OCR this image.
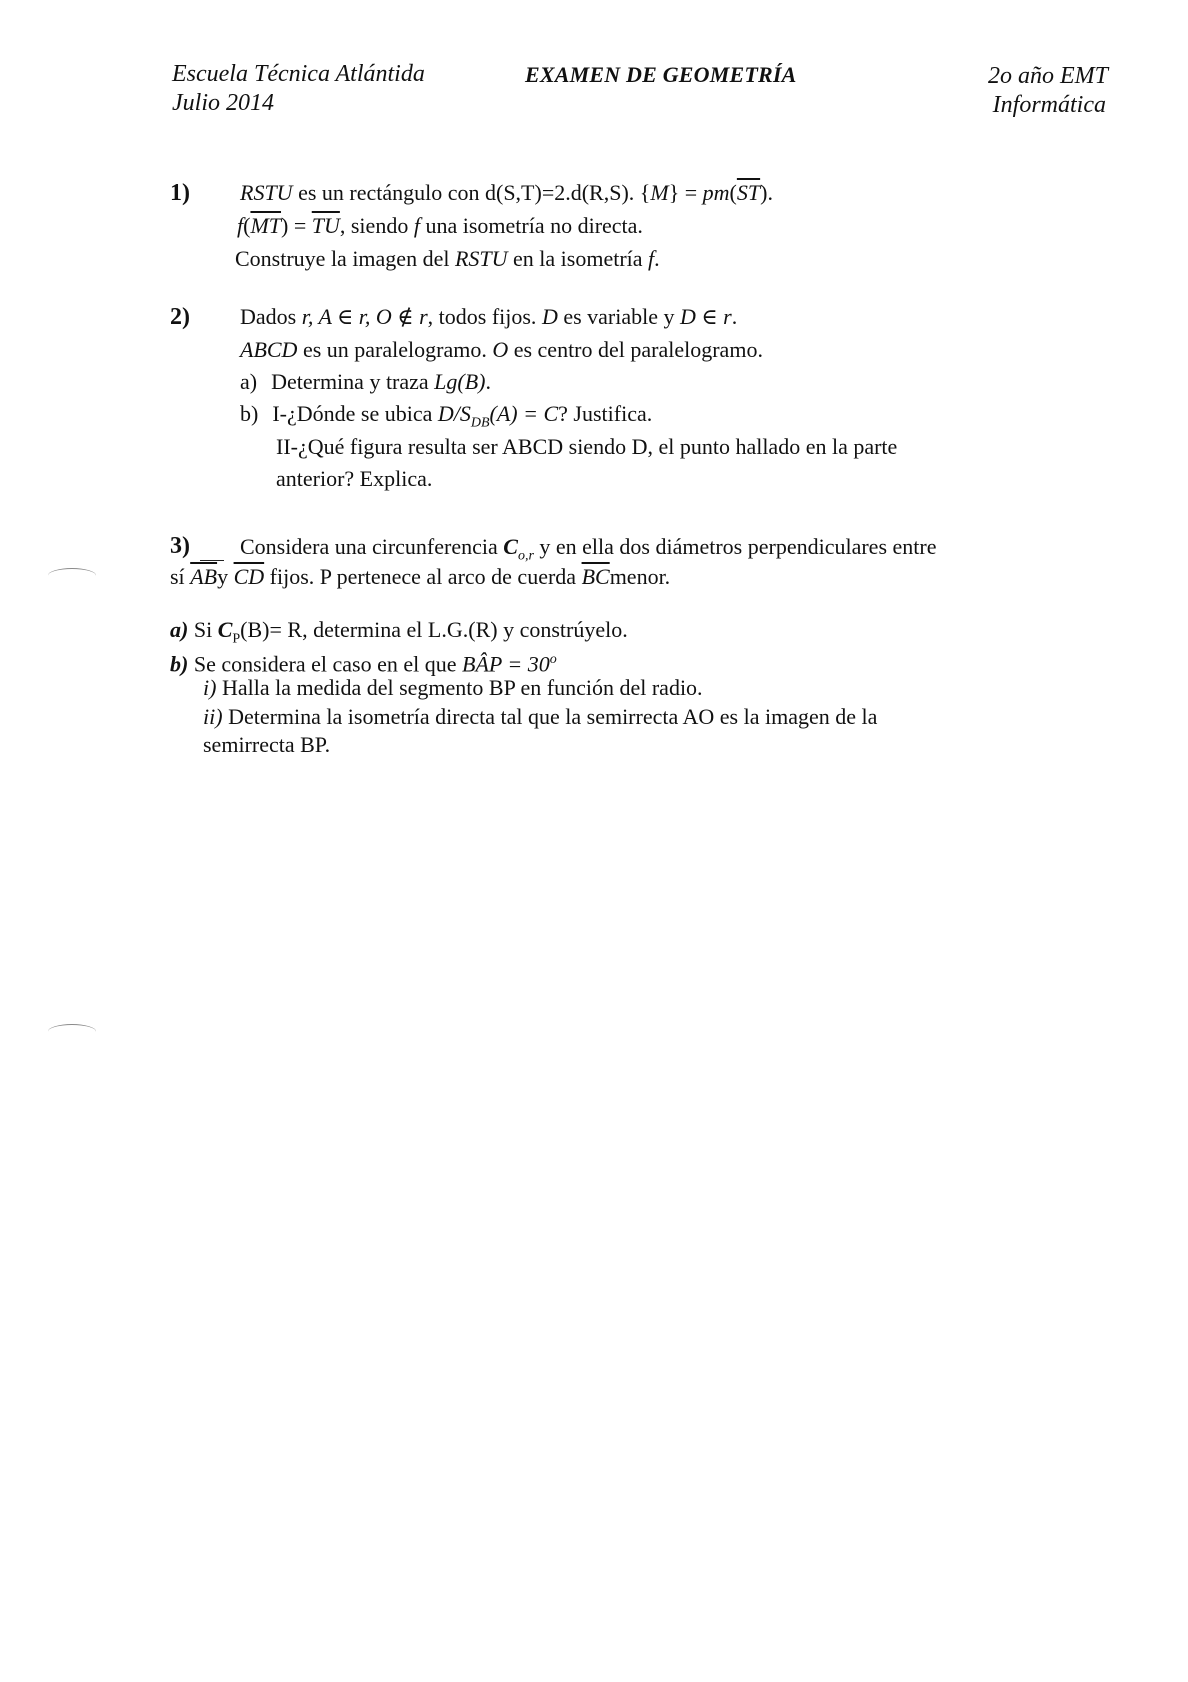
Escuela Técnica Atlántida
Julio 2014
EXAMEN DE GEOMETRÍA	2o año EMT
Informática
1) RSTU es un rectángulo con d(S,T)=2.d(R,S). $\{M\} = pm(\overline{ST})$.
$f(\overline{MT}) = \overline{TU}$, siendo f una isometría no directa.
Construye la imagen del RSTU en la isometría f.
2) Dados r, A ∈ r, O ∉ r, todos fijos. D es variable y D ∈ r.
ABCD es un paralelogramo. O es centro del paralelogramo.
a) Determina y traza Lg(B).
b) I-¿Dónde se ubica $D/S_{DB}(A) = C$? Justifica.
II-¿Qué figura resulta ser ABCD siendo D, el punto hallado en la parte
anterior? Explica.
3) Considera una circunferencia $C_{o,r}$ y en ella dos diámetros perpendiculares entre
sí $\overline{AB}y$ $\overline{CD}$ fijos. P pertenece al arco de cuerda $\overline{BC}menor$.
a) Si $C_P(B)= R$, determina el L.G.(R) y constrúyelo.
b) Se considera el caso en el que BÂP = $30^o$
i) Halla la medida del segmento BP en función del radio.
ii) Determina la isometría directa tal que la semirrecta AO es la imagen de la
semirrecta BP.
